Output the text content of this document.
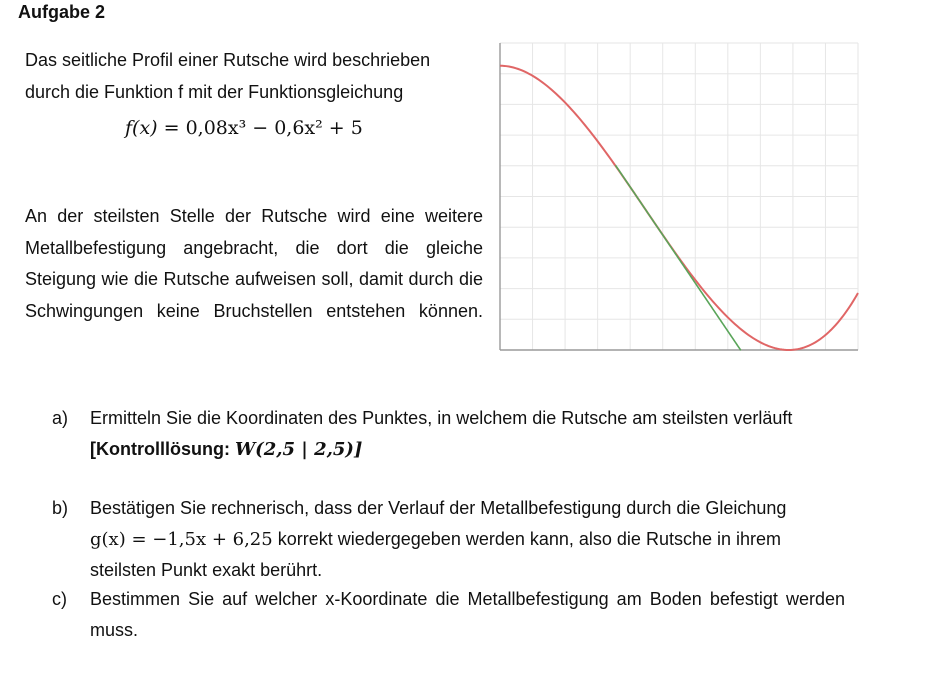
Aufgabe 2
Das seitliche Profil einer Rutsche wird beschrieben
durch die Funktion f mit der Funktionsgleichung
f(x) = 0,08x³ − 0,6x² + 5
An der steilsten Stelle der Rutsche wird eine weitere Metallbefestigung angebracht, die dort die gleiche Steigung wie die Rutsche aufweisen soll, damit durch die Schwingungen keine Bruchstellen entstehen können.
a) Ermitteln Sie die Koordinaten des Punktes, in welchem die Rutsche am steilsten verläuft
[Kontrolllösung: W(2,5 | 2,5)]
b) Bestätigen Sie rechnerisch, dass der Verlauf der Metallbefestigung durch die Gleichung
g(x) = −1,5x + 6,25 korrekt wiedergegeben werden kann, also die Rutsche in ihrem steilsten Punkt exakt berührt.
c) Bestimmen Sie auf welcher x-Koordinate die Metallbefestigung am Boden befestigt werden muss.
